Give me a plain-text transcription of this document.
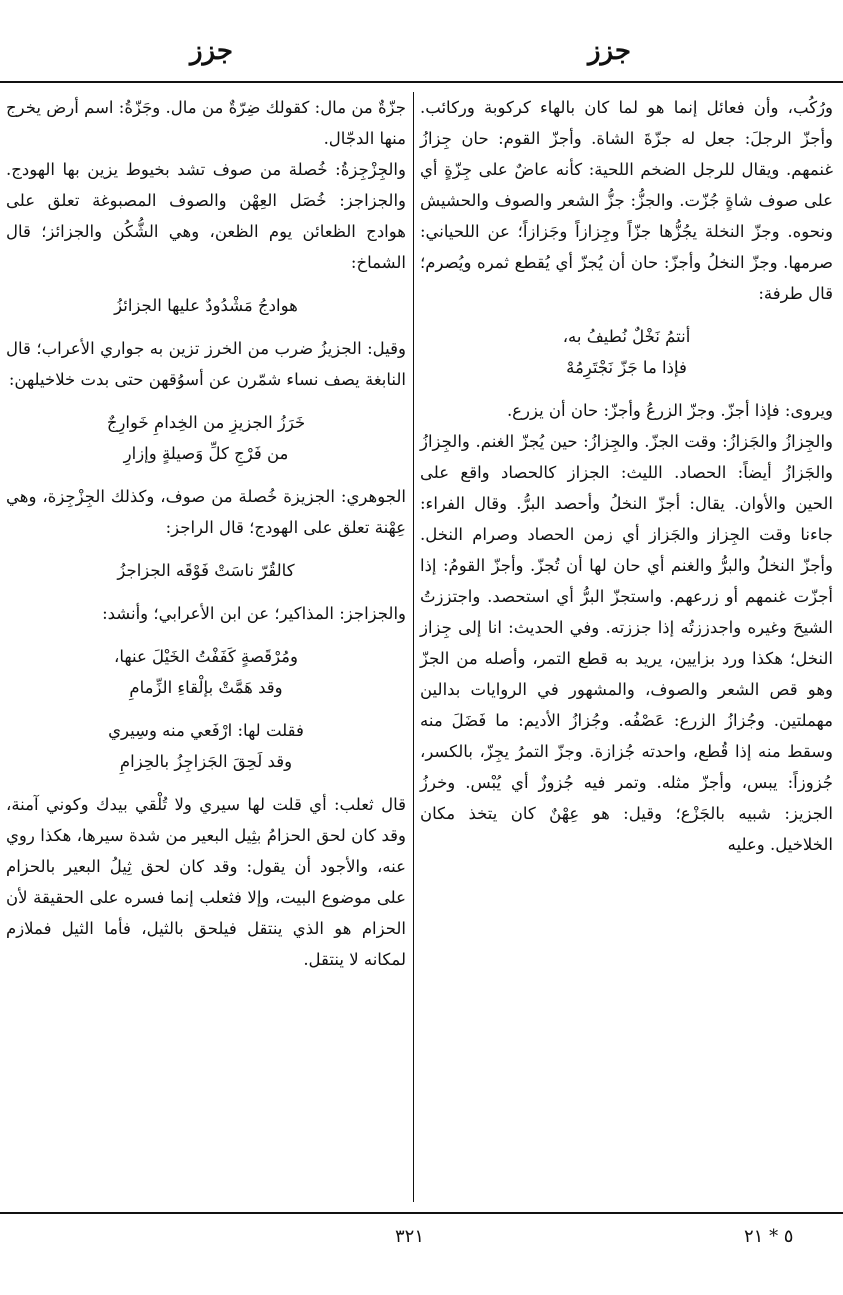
جزز	جزز

ورُكُب، وأن فعائل إنما هو لما كان بالهاء كركوبة وركائب. وأجزّ الرجلَ: جعل له جزّةَ الشاة. وأجزّ القوم: حان جِزازُ غنمهم. ويقال للرجل الضخم اللحية: كأنه عاضٌ على جِزّةٍ أي على صوف شاةٍ جُزّت. والجزُّ: جزُّ الشعر والصوف والحشيش ونحوه. وجزّ النخلة يجُزُّها جزّاً وجِزازاً وجَزازاً؛ عن اللحياني: صرمها. وجزّ النخلُ وأجزّ: حان أن يُجزّ أي يُقطع ثمره ويُصرم؛ قال طرفة:

أنتمُ نَخْلٌ نُطيفُ به،
فإذا ما جَزّ نَجْتَرِمُهْ

ويروى: فإذا أجزّ. وجزّ الزرعُ وأجزّ: حان أن يزرع.

والجِزازُ والجَزازُ: وقت الجزّ. والجِزازُ: حين يُجزّ الغنم. والجِزازُ والجَزازُ أيضاً: الحصاد. الليث: الجزاز كالحصاد واقع على الحين والأوان. يقال: أجزّ النخلُ وأحصد البرُّ. وقال الفراء: جاءنا وقت الجِزاز والجَزاز أي زمن الحصاد وصرام النخل. وأجزّ النخلُ والبرُّ والغنم أي حان لها أن تُجزّ. وأجزّ القومُ: إذا أجزّت غنمهم أو زرعهم. واستجزّ البرُّ أي استحصد. واجتززتُ الشيحَ وغيره واجدززتُه إذا جززته. وفي الحديث: انا إلى جِزاز النخل؛ هكذا ورد بزايين، يريد به قطع التمر، وأصله من الجزّ وهو قص الشعر والصوف، والمشهور في الروايات بدالين مهملتين. وجُزازُ الزرع: عَصْفُه. وجُزازُ الأديم: ما فَضَلَ منه وسقط منه إذا قُطع، واحدته جُزازة. وجزّ التمرُ يجِزّ، بالكسر، جُزوزاً: يبس، وأجزّ مثله. وتمر فيه جُزوزٌ أي يُبْس. وخرزُ الجزيز: شبيه بالجَزْع؛ وقيل: هو عِهْنٌ كان يتخذ مكان الخلاخيل. وعليه

جزّةٌ من مال: كقولك ضِرّةٌ من مال. وجَزّةُ: اسم أرض يخرج منها الدجّال.

والجِزْجِزةُ: خُصلة من صوف تشد بخيوط يزين بها الهودج. والجزاجز: خُصَل العِهْن والصوف المصبوغة تعلق على هوادج الظعائن يوم الظعن، وهي الشُّكُن والجزائز؛ قال الشماخ:

هوادجُ مَشْدُودٌ عليها الجزائزُ

وقيل: الجزيزُ ضرب من الخرز تزين به جواري الأعراب؛ قال النابغة يصف نساء شمّرن عن أسوُقهن حتى بدت خلاخيلهن:

خَرَزُ الجزيزِ من الخِدامِ خَوارِجٌ
من فَرْجِ كلِّ وَصيلةٍ وإزارِ

الجوهري: الجزيزة خُصلة من صوف، وكذلك الجِزْجِزة، وهي عِهْنة تعلق على الهودج؛ قال الراجز:

كالقُرّ ناسَتْ فَوْقَه الجزاجزُ

والجزاجز: المذاكير؛ عن ابن الأعرابي؛ وأنشد:

ومُرْقَصةٍ كَفَفْتُ الخَيْلَ عنها،
وقد هَمَّتْ بإلْقاءِ الزِّمامِ
فقلت لها: ارْفَعي منه وسِيري
وقد لَحِقَ الجَزاجِزُ بالحِزامِ

قال ثعلب: أي قلت لها سيري ولا تُلْقي بيدك وكوني آمنة، وقد كان لحق الحزامُ بثِيل البعير من شدة سيرها، هكذا روي عنه، والأجود أن يقول: وقد كان لحق ثِيلُ البعير بالحزام على موضوع البيت، وإلا فثعلب إنما فسره على الحقيقة لأن الحزام هو الذي ينتقل فيلحق بالثيل، فأما الثيل فملازم لمكانه لا ينتقل.

٣٢١	٥ * ٢١
